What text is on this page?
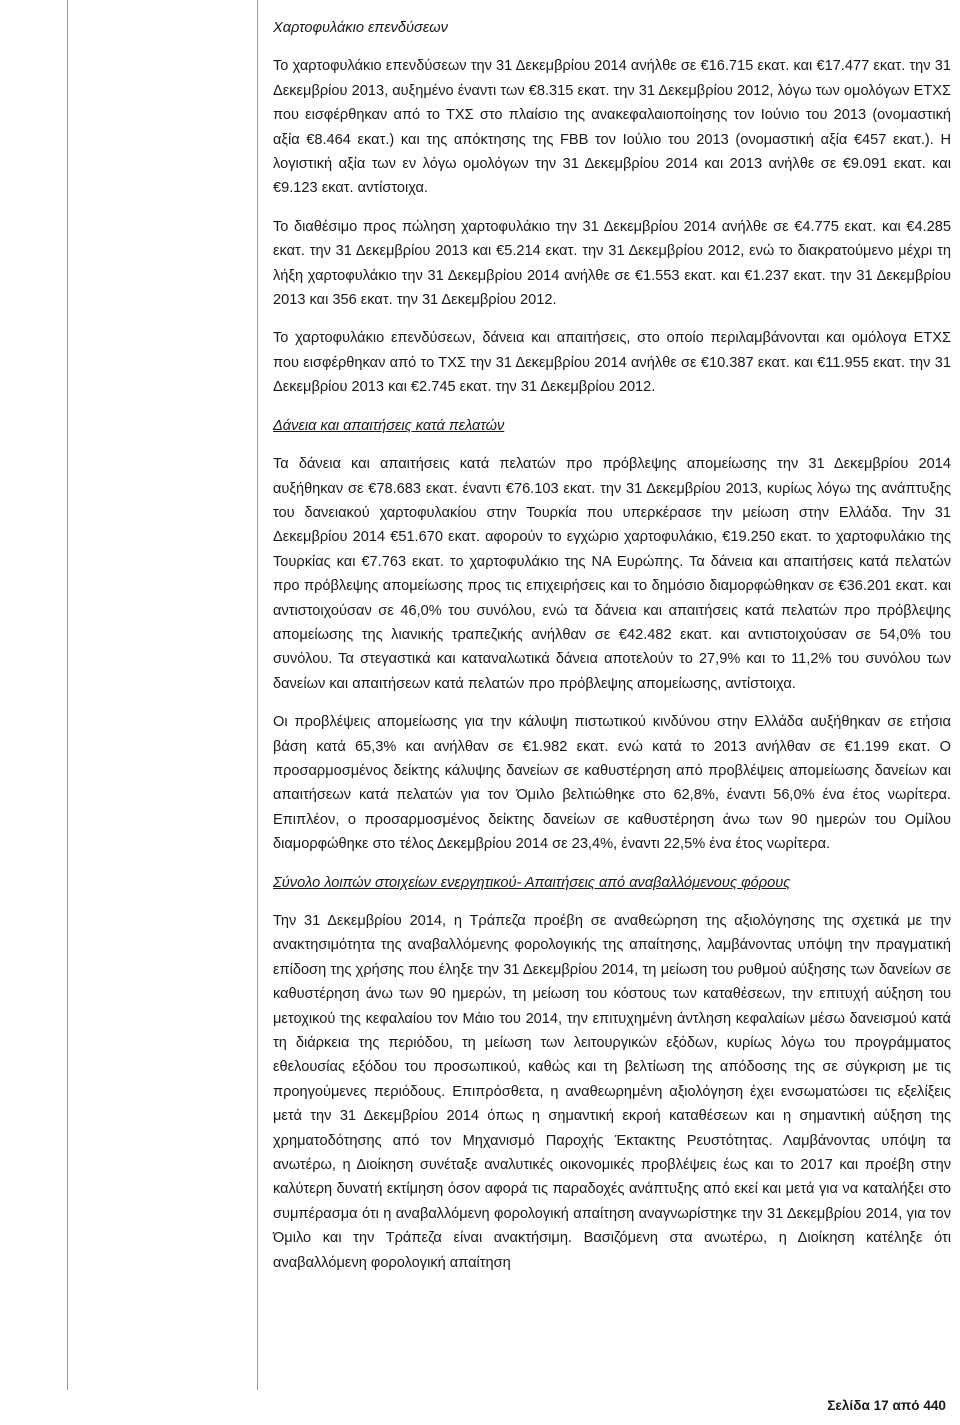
Χαρτοφυλάκιο επενδύσεων

Το χαρτοφυλάκιο επενδύσεων την 31 Δεκεμβρίου 2014 ανήλθε σε €16.715 εκατ. και €17.477 εκατ. την 31 Δεκεμβρίου 2013, αυξημένο έναντι των €8.315 εκατ. την 31 Δεκεμβρίου 2012, λόγω των ομολόγων ΕΤΧΣ που εισφέρθηκαν από το ΤΧΣ στο πλαίσιο της ανακεφαλαιοποίησης τον Ιούνιο του 2013 (ονομαστική αξία €8.464 εκατ.) και της απόκτησης της FBB τον Ιούλιο του 2013 (ονομαστική αξία €457 εκατ.). Η λογιστική αξία των εν λόγω ομολόγων την 31 Δεκεμβρίου 2014 και 2013 ανήλθε σε €9.091 εκατ. και €9.123 εκατ. αντίστοιχα.

Το διαθέσιμο προς πώληση χαρτοφυλάκιο την 31 Δεκεμβρίου 2014 ανήλθε σε €4.775 εκατ. και €4.285 εκατ. την 31 Δεκεμβρίου 2013 και €5.214 εκατ. την 31 Δεκεμβρίου 2012, ενώ το διακρατούμενο μέχρι τη λήξη χαρτοφυλάκιο την 31 Δεκεμβρίου 2014 ανήλθε σε €1.553 εκατ. και €1.237 εκατ. την 31 Δεκεμβρίου 2013 και 356 εκατ. την 31 Δεκεμβρίου 2012.

Το χαρτοφυλάκιο επενδύσεων, δάνεια και απαιτήσεις, στο οποίο περιλαμβάνονται και ομόλογα ΕΤΧΣ που εισφέρθηκαν από το ΤΧΣ την 31 Δεκεμβρίου 2014 ανήλθε σε €10.387 εκατ. και €11.955 εκατ. την 31 Δεκεμβρίου 2013 και €2.745 εκατ. την 31 Δεκεμβρίου 2012.

Δάνεια και απαιτήσεις κατά πελατών

Τα δάνεια και απαιτήσεις κατά πελατών προ πρόβλεψης απομείωσης την 31 Δεκεμβρίου 2014 αυξήθηκαν σε €78.683 εκατ. έναντι €76.103 εκατ. την 31 Δεκεμβρίου 2013, κυρίως λόγω της ανάπτυξης του δανειακού χαρτοφυλακίου στην Τουρκία που υπερκέρασε την μείωση στην Ελλάδα. Την 31 Δεκεμβρίου 2014 €51.670 εκατ. αφορούν το εγχώριο χαρτοφυλάκιο, €19.250 εκατ. το χαρτοφυλάκιο της Τουρκίας και €7.763 εκατ. το χαρτοφυλάκιο της ΝΑ Ευρώπης. Τα δάνεια και απαιτήσεις κατά πελατών προ πρόβλεψης απομείωσης προς τις επιχειρήσεις και το δημόσιο διαμορφώθηκαν σε €36.201 εκατ. και αντιστοιχούσαν σε 46,0% του συνόλου, ενώ τα δάνεια και απαιτήσεις κατά πελατών προ πρόβλεψης απομείωσης της λιανικής τραπεζικής ανήλθαν σε €42.482 εκατ. και αντιστοιχούσαν σε 54,0% του συνόλου. Τα στεγαστικά και καταναλωτικά δάνεια αποτελούν το 27,9% και το 11,2% του συνόλου των δανείων και απαιτήσεων κατά πελατών προ πρόβλεψης απομείωσης, αντίστοιχα.

Οι προβλέψεις απομείωσης για την κάλυψη πιστωτικού κινδύνου στην Ελλάδα αυξήθηκαν σε ετήσια βάση κατά 65,3% και ανήλθαν σε €1.982 εκατ. ενώ κατά το 2013 ανήλθαν σε €1.199 εκατ. Ο προσαρμοσμένος δείκτης κάλυψης δανείων σε καθυστέρηση από προβλέψεις απομείωσης δανείων και απαιτήσεων κατά πελατών για τον Όμιλο βελτιώθηκε στο 62,8%, έναντι 56,0% ένα έτος νωρίτερα. Επιπλέον, ο προσαρμοσμένος δείκτης δανείων σε καθυστέρηση άνω των 90 ημερών του Ομίλου διαμορφώθηκε στο τέλος Δεκεμβρίου 2014 σε 23,4%, έναντι 22,5% ένα έτος νωρίτερα.

Σύνολο λοιπών στοιχείων ενεργητικού- Απαιτήσεις από αναβαλλόμενους φόρους

Την 31 Δεκεμβρίου 2014, η Τράπεζα προέβη σε αναθεώρηση της αξιολόγησης της σχετικά με την ανακτησιμότητα της αναβαλλόμενης φορολογικής της απαίτησης, λαμβάνοντας υπόψη την πραγματική επίδοση της χρήσης που έληξε την 31 Δεκεμβρίου 2014, τη μείωση του ρυθμού αύξησης των δανείων σε καθυστέρηση άνω των 90 ημερών, τη μείωση του κόστους των καταθέσεων, την επιτυχή αύξηση του μετοχικού της κεφαλαίου τον Μάιο του 2014, την επιτυχημένη άντληση κεφαλαίων μέσω δανεισμού κατά τη διάρκεια της περιόδου, τη μείωση των λειτουργικών εξόδων, κυρίως λόγω του προγράμματος εθελουσίας εξόδου του προσωπικού, καθώς και τη βελτίωση της απόδοσης της σε σύγκριση με τις προηγούμενες περιόδους. Επιπρόσθετα, η αναθεωρημένη αξιολόγηση έχει ενσωματώσει τις εξελίξεις μετά την 31 Δεκεμβρίου 2014 όπως η σημαντική εκροή καταθέσεων και η σημαντική αύξηση της χρηματοδότησης από τον Μηχανισμό Παροχής Έκτακτης Ρευστότητας. Λαμβάνοντας υπόψη τα ανωτέρω, η Διοίκηση συνέταξε αναλυτικές οικονομικές προβλέψεις έως και το 2017 και προέβη στην καλύτερη δυνατή εκτίμηση όσον αφορά τις παραδοχές ανάπτυξης από εκεί και μετά για να καταλήξει στο συμπέρασμα ότι η αναβαλλόμενη φορολογική απαίτηση αναγνωρίστηκε την 31 Δεκεμβρίου 2014, για τον Όμιλο και την Τράπεζα είναι ανακτήσιμη. Βασιζόμενη στα ανωτέρω, η Διοίκηση κατέληξε ότι αναβαλλόμενη φορολογική απαίτηση

Σελίδα 17 από 440
